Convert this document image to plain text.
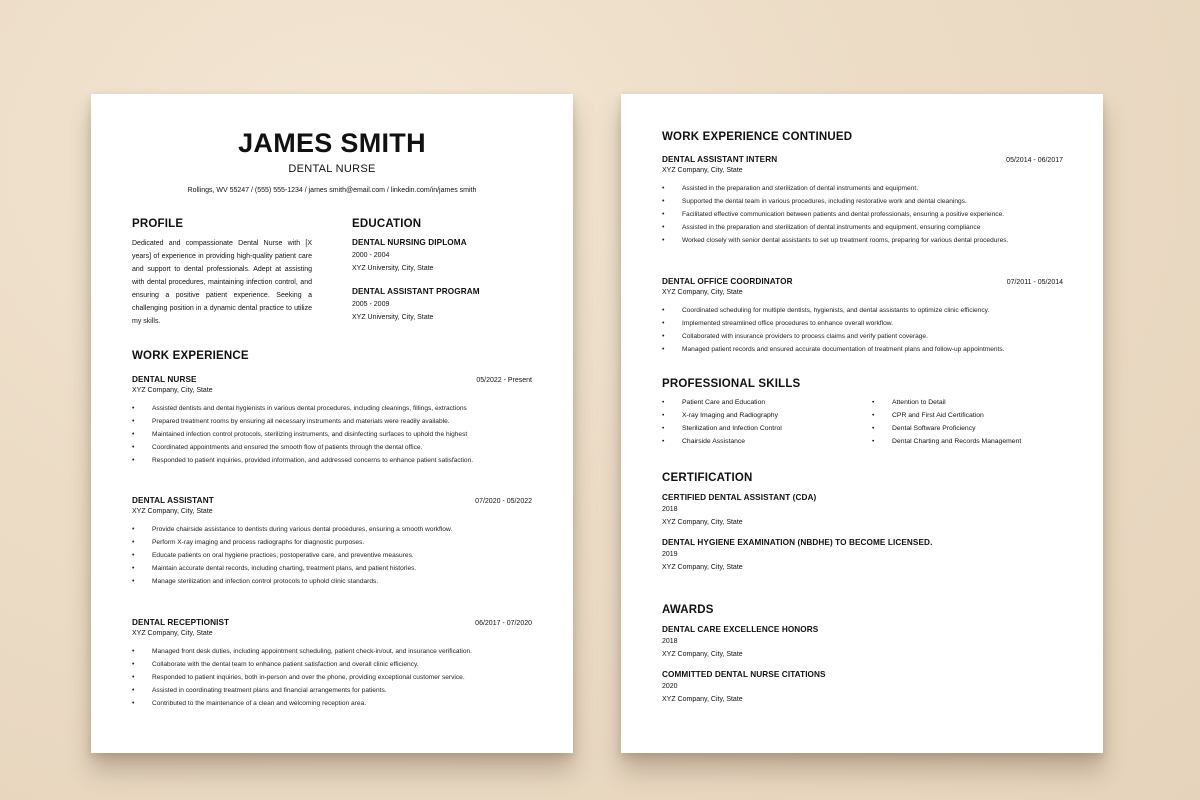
JAMES SMITH
DENTAL NURSE
Rollings, WV 55247 / (555) 555-1234 / james smith@email.com / linkedin.com/in/james smith
PROFILE
Dedicated and compassionate Dental Nurse with [X years] of experience in providing high-quality patient care and support to dental professionals. Adept at assisting with dental procedures, maintaining infection control, and ensuring a positive patient experience. Seeking a challenging position in a dynamic dental practice to utilize my skills.
EDUCATION
DENTAL NURSING DIPLOMA
2000 - 2004
XYZ University, City, State
DENTAL ASSISTANT PROGRAM
2005 - 2009
XYZ University, City, State
WORK EXPERIENCE
DENTAL NURSE	05/2022 - Present
XYZ Company, City, State
• Assisted dentists and dental hygienists in various dental procedures, including cleanings, fillings, extractions
• Prepared treatment rooms by ensuring all necessary instruments and materials were readily available.
• Maintained infection control protocols, sterilizing instruments, and disinfecting surfaces to uphold the highest
• Coordinated appointments and ensured the smooth flow of patients through the dental office.
• Responded to patient inquiries, provided information, and addressed concerns to enhance patient satisfaction.
DENTAL ASSISTANT	07/2020 - 05/2022
XYZ Company, City, State
• Provide chairside assistance to dentists during various dental procedures, ensuring a smooth workflow.
• Perform X-ray imaging and process radiographs for diagnostic purposes.
• Educate patients on oral hygiene practices, postoperative care, and preventive measures.
• Maintain accurate dental records, including charting, treatment plans, and patient histories.
• Manage sterilization and infection control protocols to uphold clinic standards.
DENTAL RECEPTIONIST	06/2017 - 07/2020
XYZ Company, City, State
• Managed front desk duties, including appointment scheduling, patient check-in/out, and insurance verification.
• Collaborate with the dental team to enhance patient satisfaction and overall clinic efficiency.
• Responded to patient inquiries, both in-person and over the phone, providing exceptional customer service.
• Assisted in coordinating treatment plans and financial arrangements for patients.
• Contributed to the maintenance of a clean and welcoming reception area.
WORK EXPERIENCE CONTINUED
DENTAL ASSISTANT INTERN	05/2014 - 06/2017
XYZ Company, City, State
• Assisted in the preparation and sterilization of dental instruments and equipment.
• Supported the dental team in various procedures, including restorative work and dental cleanings.
• Facilitated effective communication between patients and dental professionals, ensuring a positive experience.
• Assisted in the preparation and sterilization of dental instruments and equipment, ensuring compliance
• Worked closely with senior dental assistants to set up treatment rooms, preparing for various dental procedures.
DENTAL OFFICE COORDINATOR	07/2011 - 05/2014
XYZ Company, City, State
• Coordinated scheduling for multiple dentists, hygienists, and dental assistants to optimize clinic efficiency.
• Implemented streamlined office procedures to enhance overall workflow.
• Collaborated with insurance providers to process claims and verify patient coverage.
• Managed patient records and ensured accurate documentation of treatment plans and follow-up appointments.
PROFESSIONAL SKILLS
• Patient Care and Education
• X-ray Imaging and Radiography
• Sterilization and Infection Control
• Chairside Assistance
• Attention to Detail
• CPR and First Aid Certification
• Dental Software Proficiency
• Dental Charting and Records Management
CERTIFICATION
CERTIFIED DENTAL ASSISTANT (CDA)
2018
XYZ Company, City, State
DENTAL HYGIENE EXAMINATION (NBDHE) TO BECOME LICENSED.
2019
XYZ Company, City, State
AWARDS
DENTAL CARE EXCELLENCE HONORS
2018
XYZ Company, City, State
COMMITTED DENTAL NURSE CITATIONS
2020
XYZ Company, City, State
